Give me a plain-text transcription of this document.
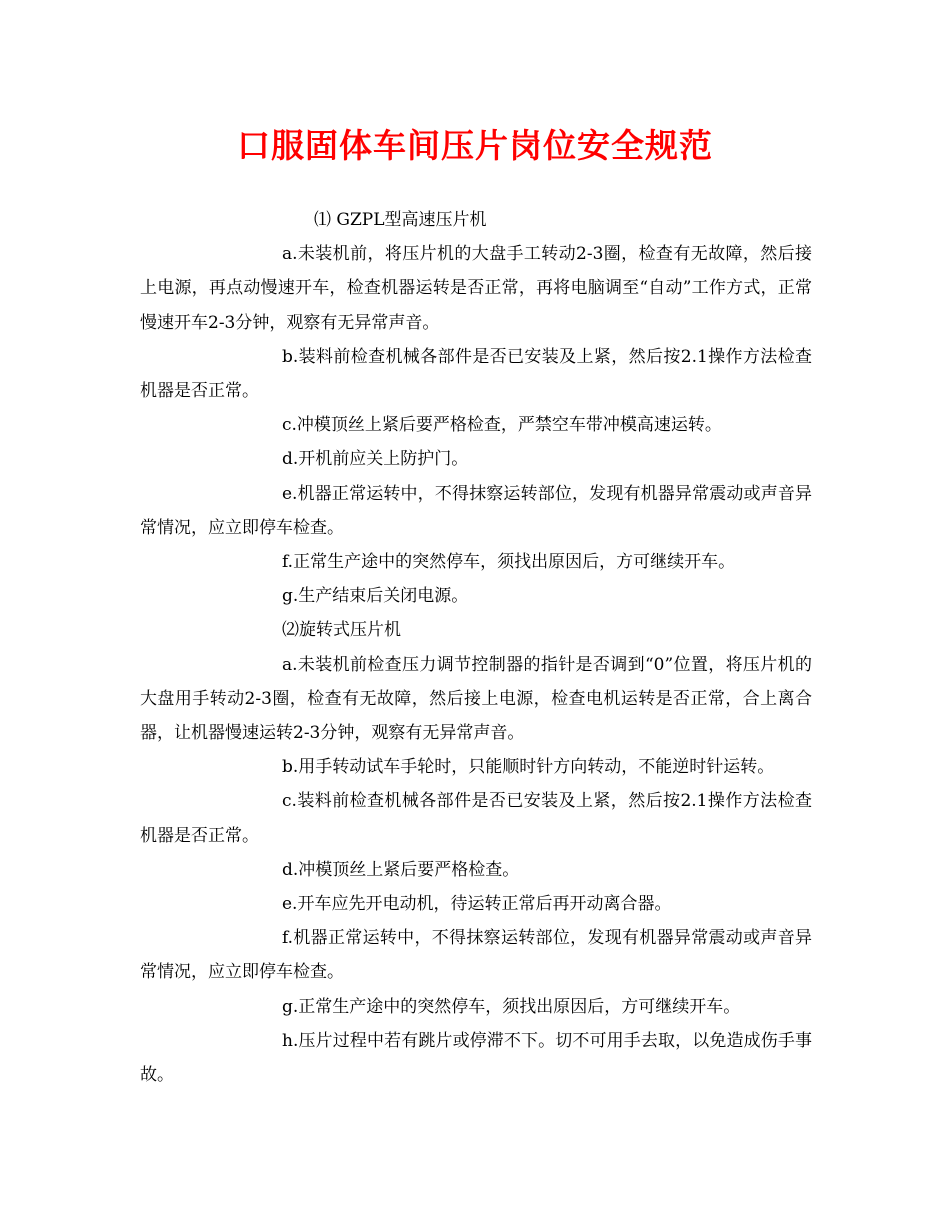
口服固体车间压片岗位安全规范

⑴ GZPL型高速压片机

a.未装机前，将压片机的大盘手工转动2-3圈，检查有无故障，然后接上电源，再点动慢速开车，检查机器运转是否正常，再将电脑调至“自动”工作方式，正常慢速开车2-3分钟，观察有无异常声音。

b.装料前检查机械各部件是否已安装及上紧，然后按2.1操作方法检查机器是否正常。

c.冲模顶丝上紧后要严格检查，严禁空车带冲模高速运转。

d.开机前应关上防护门。

e.机器正常运转中，不得抹察运转部位，发现有机器异常震动或声音异常情况，应立即停车检查。

f.正常生产途中的突然停车，须找出原因后，方可继续开车。

g.生产结束后关闭电源。

⑵旋转式压片机

a.未装机前检查压力调节控制器的指针是否调到“0”位置，将压片机的大盘用手转动2-3圈，检查有无故障，然后接上电源，检查电机运转是否正常，合上离合器，让机器慢速运转2-3分钟，观察有无异常声音。

b.用手转动试车手轮时，只能顺时针方向转动，不能逆时针运转。

c.装料前检查机械各部件是否已安装及上紧，然后按2.1操作方法检查机器是否正常。

d.冲模顶丝上紧后要严格检查。

e.开车应先开电动机，待运转正常后再开动离合器。

f.机器正常运转中，不得抹察运转部位，发现有机器异常震动或声音异常情况，应立即停车检查。

g.正常生产途中的突然停车，须找出原因后，方可继续开车。

h.压片过程中若有跳片或停滞不下。切不可用手去取，以免造成伤手事故。
